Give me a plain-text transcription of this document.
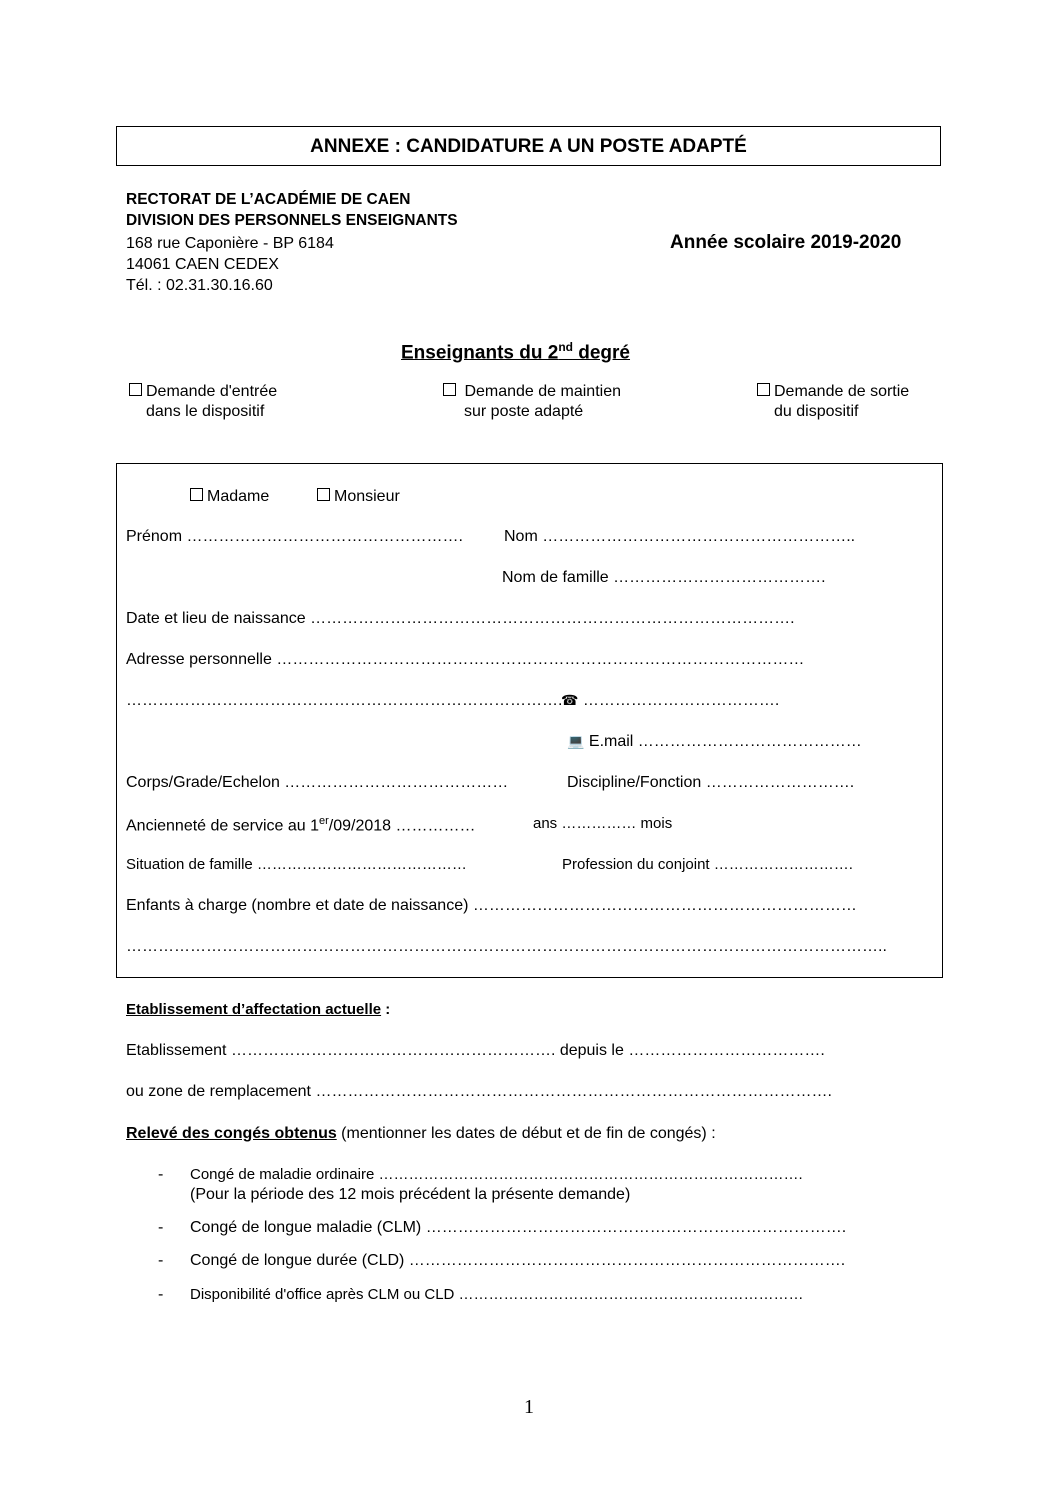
ANNEXE : CANDIDATURE A UN POSTE ADAPTÉ
RECTORAT DE L’ACADÉMIE DE CAEN
DIVISION DES PERSONNELS ENSEIGNANTS
168 rue Caponière - BP 6184
14061 CAEN CEDEX
Tél. : 02.31.30.16.60
Année scolaire 2019-2020
Enseignants du 2nd degré
Demande d'entrée
dans le dispositif
Demande de maintien
sur poste adapté
Demande de sortie
du dispositif
Madame	Monsieur
Prénom …………………………………………….	Nom …………………………………………………..
Nom de famille ………………………………….
Date et lieu de naissance ……………………………………………………………………………….
Adresse personnelle ………………………………………………………………………………………
……………………………………………………………………….
☎ ……………………………….
💻 E.mail ……………………………………
Corps/Grade/Echelon ……………………………………	Discipline/Fonction ……………………….
Ancienneté de service au 1er/09/2018 ……………	ans …………… mois
Situation de famille ……………………………………	Profession du conjoint ……………………….
Enfants à charge (nombre et date de naissance) ………………………………………………………………
……………………………………………………………………………………………………………………………..
Etablissement d’affectation actuelle :
Etablissement ……………………………………………………. depuis le ……………………………….
ou zone de remplacement …………………………………………………………………………………….
Relevé des congés obtenus (mentionner les dates de début et de fin de congés) :
- Congé de maladie ordinaire ………………………………………………………………………….
(Pour la période des 12 mois précédent la présente demande)
- Congé de longue maladie (CLM) …………………………………………………………………….
- Congé de longue durée (CLD) ……………………………………………………………………….
- Disponibilité d'office après CLM ou CLD ……………………………………………………………
1
